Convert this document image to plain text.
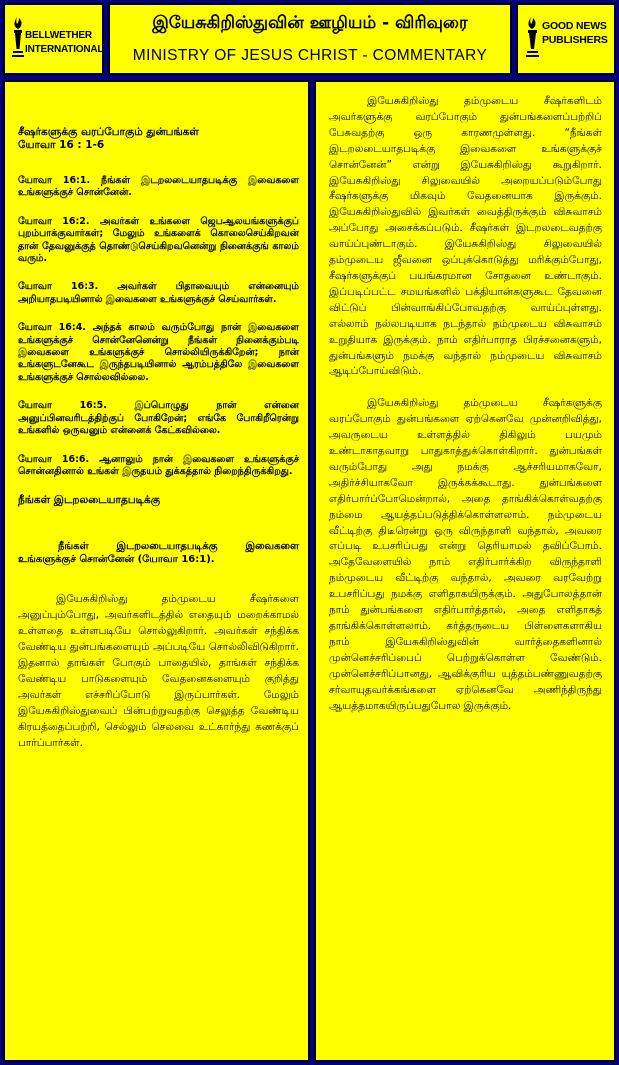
BELLWETHER
INTERNATIONAL
இயேசுகிறிஸ்துவின் ஊழியம் - விரிவுரை
MINISTRY OF JESUS CHRIST - COMMENTARY
GOOD NEWS
PUBLISHERS
சீஷர்களுக்கு வரப்போகும் துன்பங்கள்
யோவா 16 : 1-6
யோவா 16:1. நீங்கள் இடறலடையாதபடிக்கு இவைகளை உங்களுக்குச் சொன்னேன்.
யோவா 16:2. அவர்கள் உங்களை ஜெபஆலயங்களுக்குப் புறம்பாக்குவார்கள்; மேலும் உங்களைக் கொலைசெய்கிறவன் தான் தேவனுக்குத் தொண்டுசெய்கிறவனென்று நினைக்குங் காலம் வரும்.
யோவா 16:3. அவர்கள் பிதாவையும் என்னையும் அறியாதபடியினால் இவைகளை உங்களுக்குச் செய்வார்கள்.
யோவா 16:4. அந்தக் காலம் வரும்போது நான் இவைகளை உங்களுக்குச் சொன்னேனென்று நீங்கள் நினைக்கும்படி இவைகளை உங்களுக்குச் சொல்லியிருக்கிறேன்; நான் உங்களுடனேகூட இருந்தபடியினால் ஆரம்பத்திலே இவைகளை உங்களுக்குச் சொல்லவில்லை.
யோவா 16:5. இப்பொழுது நான் என்னை அனுப்பினவரிடத்திற்குப் போகிறேன்; எங்கே போகிறீரென்று உங்களில் ஒருவனும் என்னைக் கேட்கவில்லை.
யோவா 16:6. ஆனாலும் நான் இவைகளை உங்களுக்குச் சொன்னதினால் உங்கள் இருதயம் துக்கத்தால் நிறைந்திருக்கிறது.
நீங்கள் இடறலடையாதபடிக்கு
நீங்கள் இடறலடையாதபடிக்கு இவைகளை உங்களுக்குச் சொன்னேன் (யோவா 16:1).
இயேசுகிறிஸ்து தம்முடைய சீஷர்களை அனுப்பும்போது, அவர்களிடத்தில் எதையும் மறைக்காமல் உள்ளதை உள்ளபடியே சொல்லுகிறார். அவர்கள் சந்திக்க வேண்டிய துன்பங்களையும் அப்படியே சொல்லிவிடுகிறார். இதனால் தாங்கள் போகும் பாதையில், தாங்கள் சந்திக்க வேண்டிய பாடுகளையும் வேதனைகளையும் குறித்து அவர்கள் எச்சரிப்போடு இருப்பார்கள். மேலும் இயேசுகிறிஸ்துவைப் பின்பற்றுவதற்கு செலுத்த வேண்டிய கிரயத்தைப்பற்றி, செல்லும் செலவை உட்கார்ந்து கணக்குப் பார்ப்பார்கள்.
இயேசுகிறிஸ்து தம்முடைய சீஷர்களிடம் அவர்களுக்கு வரப்போகும் துன்பங்களைப்பற்றிப் பேசுவதற்கு ஒரு காரணமுள்ளது. “நீங்கள் இடறலடையாதபடிக்கு இவைகளை உங்களுக்குச் சொன்னேன்” என்று இயேசுகிறிஸ்து கூறுகிறார். இயேசுகிறிஸ்து சிலுவையில் அறையப்படும்போது சீஷர்களுக்கு மிகவும் வேதனையாக இருக்கும். இயேசுகிறிஸ்துவில் இவர்கள் வைத்திருக்கும் விசுவாசம் அப்போது அசைக்கப்படும். சீஷர்கள் இடறலடைவதற்கு வாய்ப்புண்டாகும். இயேசுகிறிஸ்து சிலுவையில் தம்முடைய ஜீவனை ஒப்புக்கொடுத்து மரிக்கும்போது, சீஷர்களுக்குப் பயங்கரமான சோதனை உண்டாகும். இப்படிப்பட்ட சமயங்களில் பக்தியான்களுகூட தேவனை விட்டுப் பின்வாங்கிப்போவதற்கு வாய்ப்புள்ளது. எல்லாம் நல்லபடியாக நடந்தால் நம்முடைய விசுவாசம் உறுதியாக இருக்கும். நாம் எதிர்பாராத பிரச்சனைகளும், துன்பங்களும் நமக்கு வந்தால் நம்முடைய விசுவாசம் ஆடிப்போய்விடும்.
இயேசுகிறிஸ்து தம்முடைய சீஷர்களுக்கு வரப்போகும் துன்பங்களை ஏற்கெனவே முன்னறிவித்து, அவருடைய உள்ளத்தில் திகிலும் பயமும் உண்டாகாதவாறு பாதுகாத்துக்கொள்கிறார். துன்பங்கள் வரும்போது அது நமக்கு ஆச்சரியமாகவோ, அதிர்ச்சியாகவோ இருக்கக்கூடாது. துன்பங்களை எதிர்பார்ப்போமென்றால், அதை தாங்கிக்கொள்வதற்கு நம்மை ஆயத்தப்படுத்திக்கொள்ளலாம். நம்முடைய வீட்டிற்கு திடீரென்று ஒரு விருந்தாளி வந்தால், அவரை எப்படி உபசரிப்பது என்று தெரியாமல் தவிப்போம். அதேவேளையில் நாம் எதிர்பார்க்கிற விருந்தாளி நம்முடைய வீட்டிற்கு வந்தால், அவரை வரவேற்று உபசரிப்பது நமக்கு எளிதாகயிருக்கும். அதுபோலத்தான் நாம் துன்பங்களை எதிர்பார்த்தால், அதை எளிதாகத் தாங்கிக்கொள்ளலாம். கர்த்தருடைய பிள்ளைகளாகிய நாம் இயேசுகிறிஸ்துவின் வார்த்தைகளினால் முன்னெச்சரிப்பைப் பெற்றுக்கொள்ள வேண்டும். முன்னெச்சரிப்பானது, ஆவிக்குரிய யுத்தம்பண்ணுவதற்கு சர்வாயுதவர்க்கங்களை ஏற்கெனவே அணிந்திருந்து ஆயத்தமாகயிருப்பதுபோல இருக்கும்.
